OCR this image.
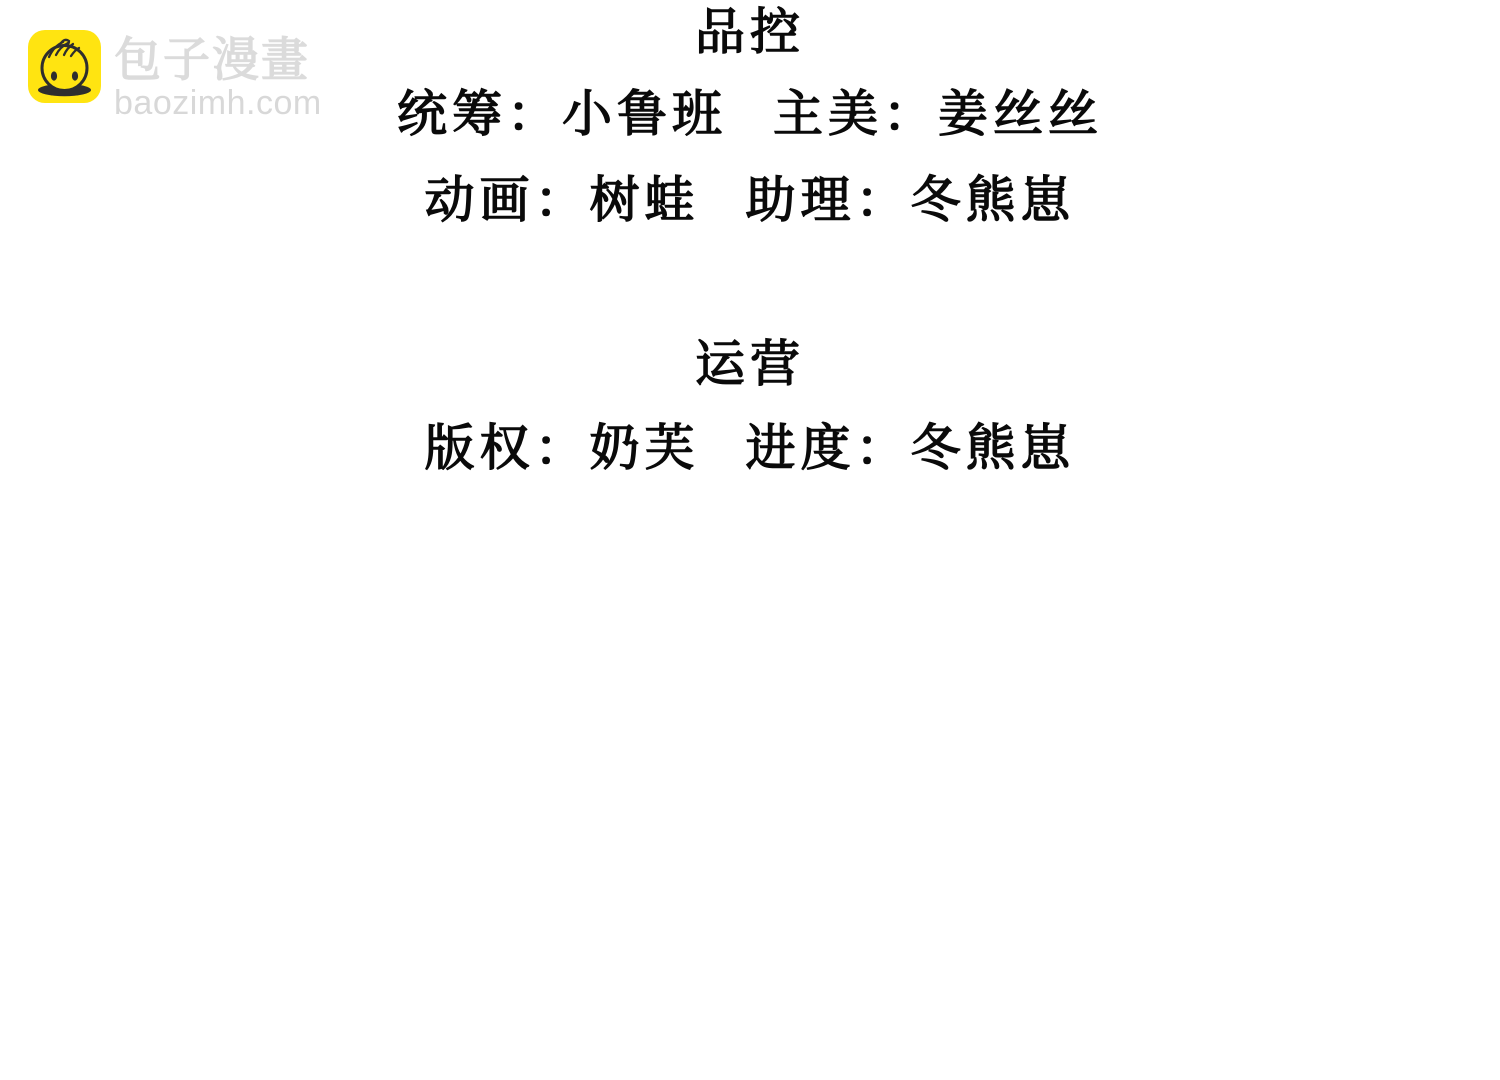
包子漫畫
baozimh.com
品控
统筹：小鲁班 主美：姜丝丝
动画：树蛙 助理：冬熊崽
运营
版权：奶芙 进度：冬熊崽
